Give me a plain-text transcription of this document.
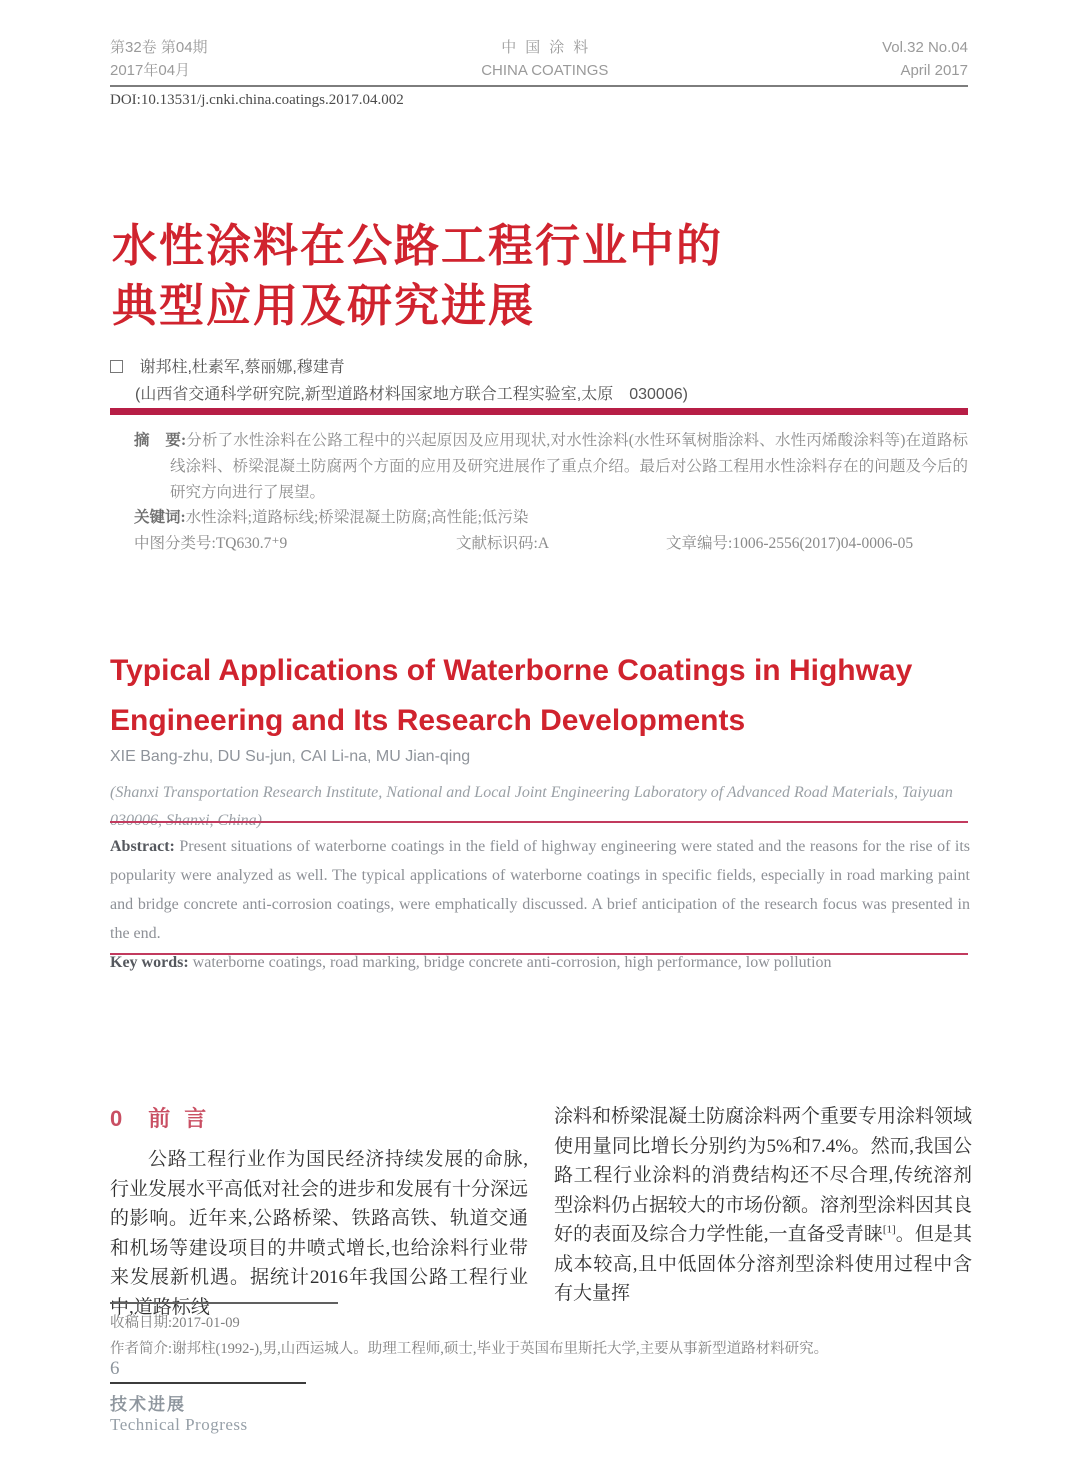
第32卷 第04期
2017年04月
中国涂料
CHINA COATINGS
Vol.32 No.04
April 2017
DOI:10.13531/j.cnki.china.coatings.2017.04.002
水性涂料在公路工程行业中的
典型应用及研究进展
谢邦柱,杜素军,蔡丽娜,穆建青
(山西省交通科学研究院,新型道路材料国家地方联合工程实验室,太原　030006)

摘　要:分析了水性涂料在公路工程中的兴起原因及应用现状,对水性涂料(水性环氧树脂涂料、水性丙烯酸涂料等)在道路标线涂料、桥梁混凝土防腐两个方面的应用及研究进展作了重点介绍。最后对公路工程用水性涂料存在的问题及今后的研究方向进行了展望。

关键词:水性涂料;道路标线;桥梁混凝土防腐;高性能;低污染

中图分类号:TQ630.7⁺9	文献标识码:A	文章编号:1006-2556(2017)04-0006-05
Typical Applications of Waterborne Coatings in Highway
Engineering and Its Research Developments
XIE Bang-zhu, DU Su-jun, CAI Li-na, MU Jian-qing
(Shanxi Transportation Research Institute, National and Local Joint Engineering Laboratory of Advanced Road Materials, Taiyuan 030006, Shanxi, China)

Abstract: Present situations of waterborne coatings in the field of highway engineering were stated and the reasons for the rise of its popularity were analyzed as well. The typical applications of waterborne coatings in specific fields, especially in road marking paint and bridge concrete anti-corrosion coatings, were emphatically discussed. A brief anticipation of the research focus was presented in the end.

Key words: waterborne coatings, road marking, bridge concrete anti-corrosion, high performance, low pollution

0 前言

公路工程行业作为国民经济持续发展的命脉,行业发展水平高低对社会的进步和发展有十分深远的影响。近年来,公路桥梁、铁路高铁、轨道交通和机场等建设项目的井喷式增长,也给涂料行业带来发展新机遇。据统计2016年我国公路工程行业中,道路标线

涂料和桥梁混凝土防腐涂料两个重要专用涂料领域使用量同比增长分别约为5%和7.4%。然而,我国公路工程行业涂料的消费结构还不尽合理,传统溶剂型涂料仍占据较大的市场份额。溶剂型涂料因其良好的表面及综合力学性能,一直备受青睐[1]。但是其成本较高,且中低固体分溶剂型涂料使用过程中含有大量挥

收稿日期:2017-01-09

作者简介:谢邦柱(1992-),男,山西运城人。助理工程师,硕士,毕业于英国布里斯托大学,主要从事新型道路材料研究。

6
技术进展
Technical Progress
